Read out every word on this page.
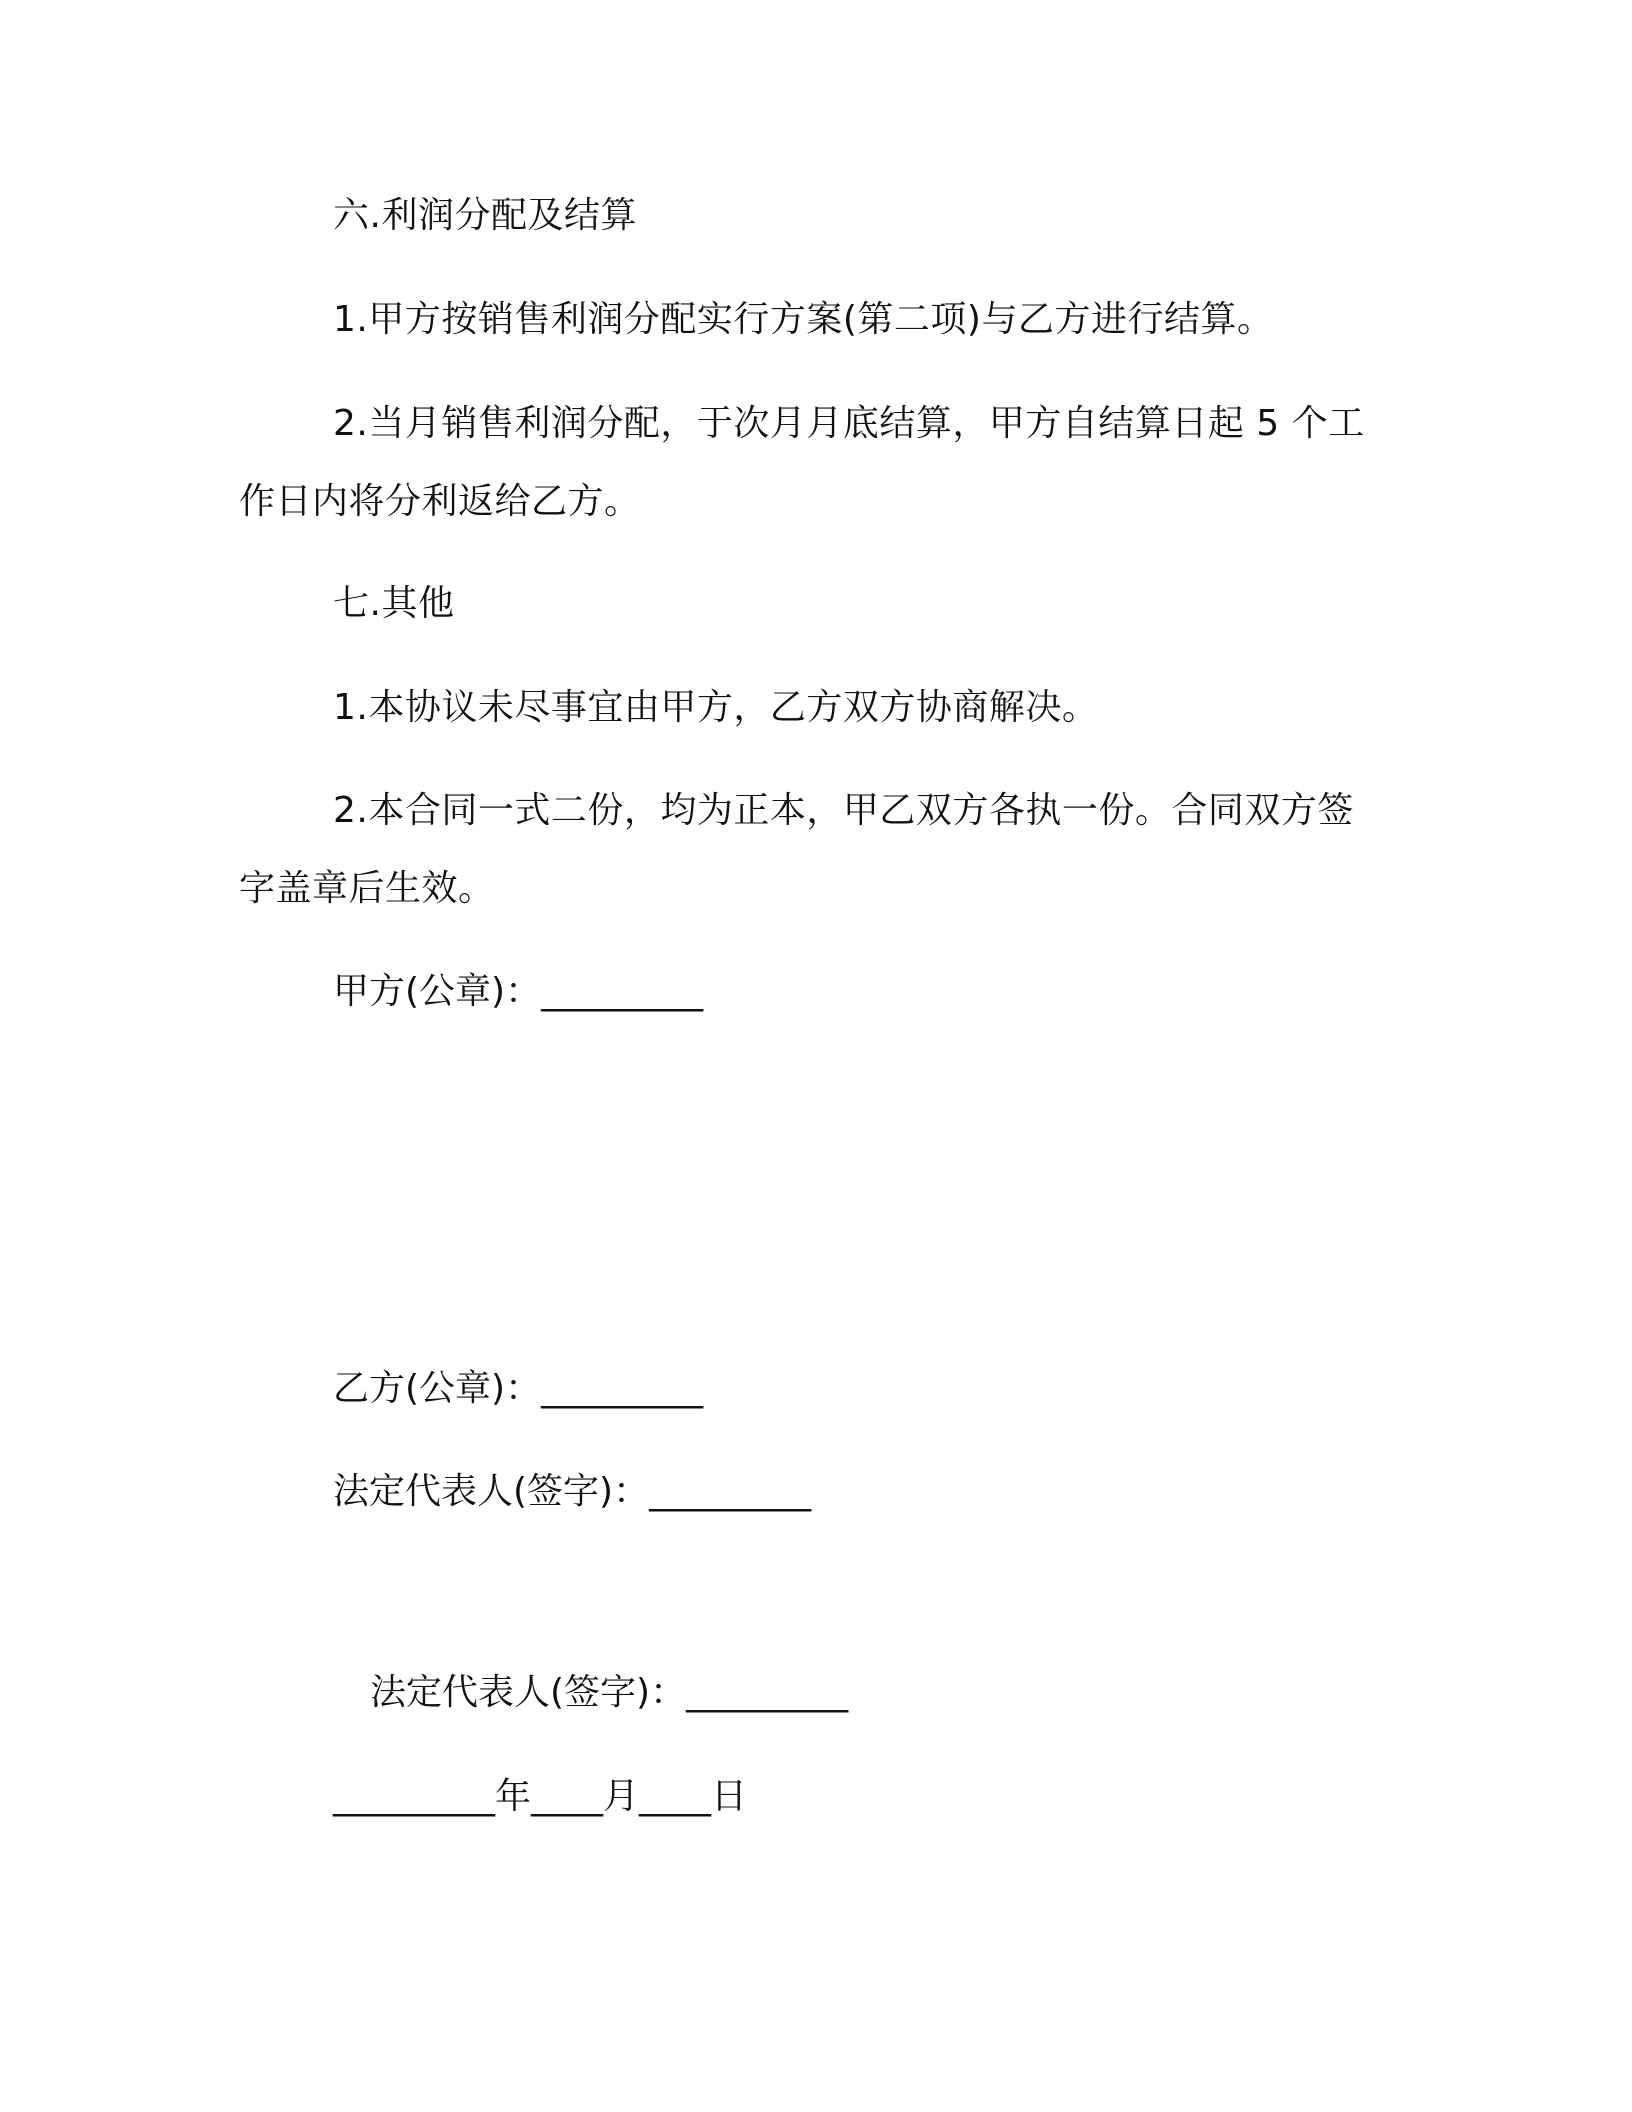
六.利润分配及结算
1.甲方按销售利润分配实行方案(第二项)与乙方进行结算。
2.当月销售利润分配，于次月月底结算，甲方自结算日起 5 个工
作日内将分利返给乙方。
七.其他
1.本协议未尽事宜由甲方，乙方双方协商解决。
2.本合同一式二份，均为正本，甲乙双方各执一份。合同双方签
字盖章后生效。
甲方(公章)：_________
乙方(公章)：_________
法定代表人(签字)：_________
法定代表人(签字)：_________
_________年____月____日
